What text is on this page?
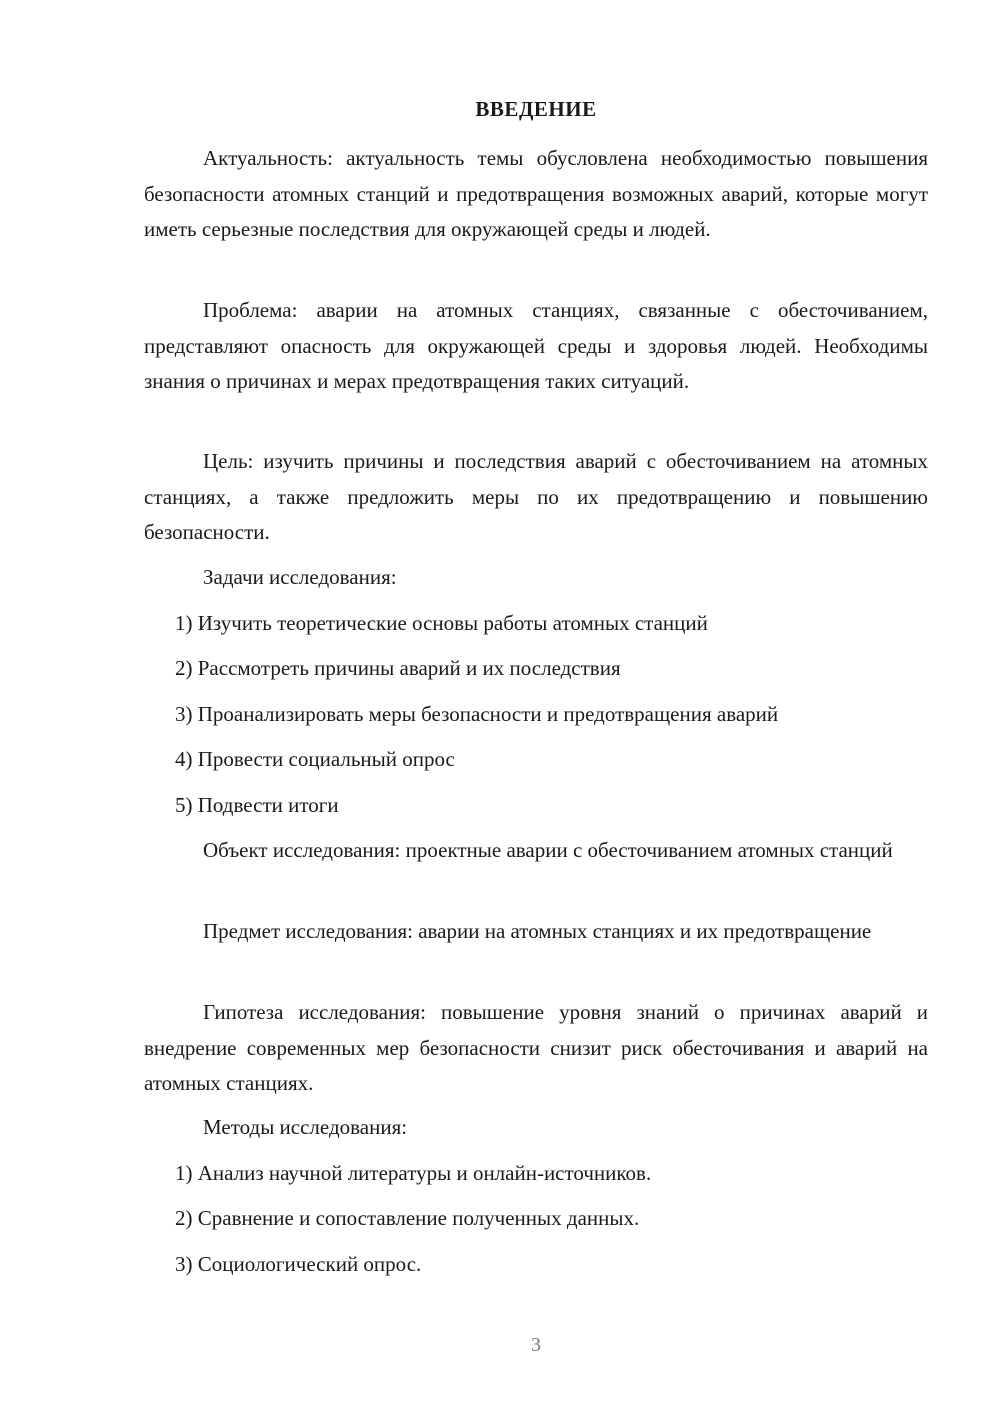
ВВЕДЕНИЕ

Актуальность: актуальность темы обусловлена необходимостью повышения безопасности атомных станций и предотвращения возможных аварий, которые могут иметь серьезные последствия для окружающей среды и людей.

Проблема: аварии на атомных станциях, связанные с обесточиванием, представляют опасность для окружающей среды и здоровья людей. Необходимы знания о причинах и мерах предотвращения таких ситуаций.

Цель: изучить причины и последствия аварий с обесточиванием на атомных станциях, а также предложить меры по их предотвращению и повышению безопасности.

Задачи исследования:

1) Изучить теоретические основы работы атомных станций

2) Рассмотреть причины аварий и их последствия

3) Проанализировать меры безопасности и предотвращения аварий

4) Провести социальный опрос

5) Подвести итоги

Объект исследования: проектные аварии с обесточиванием атомных станций

Предмет исследования: аварии на атомных станциях и их предотвращение

Гипотеза исследования: повышение уровня знаний о причинах аварий и внедрение современных мер безопасности снизит риск обесточивания и аварий на атомных станциях.

Методы исследования:

1) Анализ научной литературы и онлайн-источников.

2) Сравнение и сопоставление полученных данных.

3) Социологический опрос.

3
